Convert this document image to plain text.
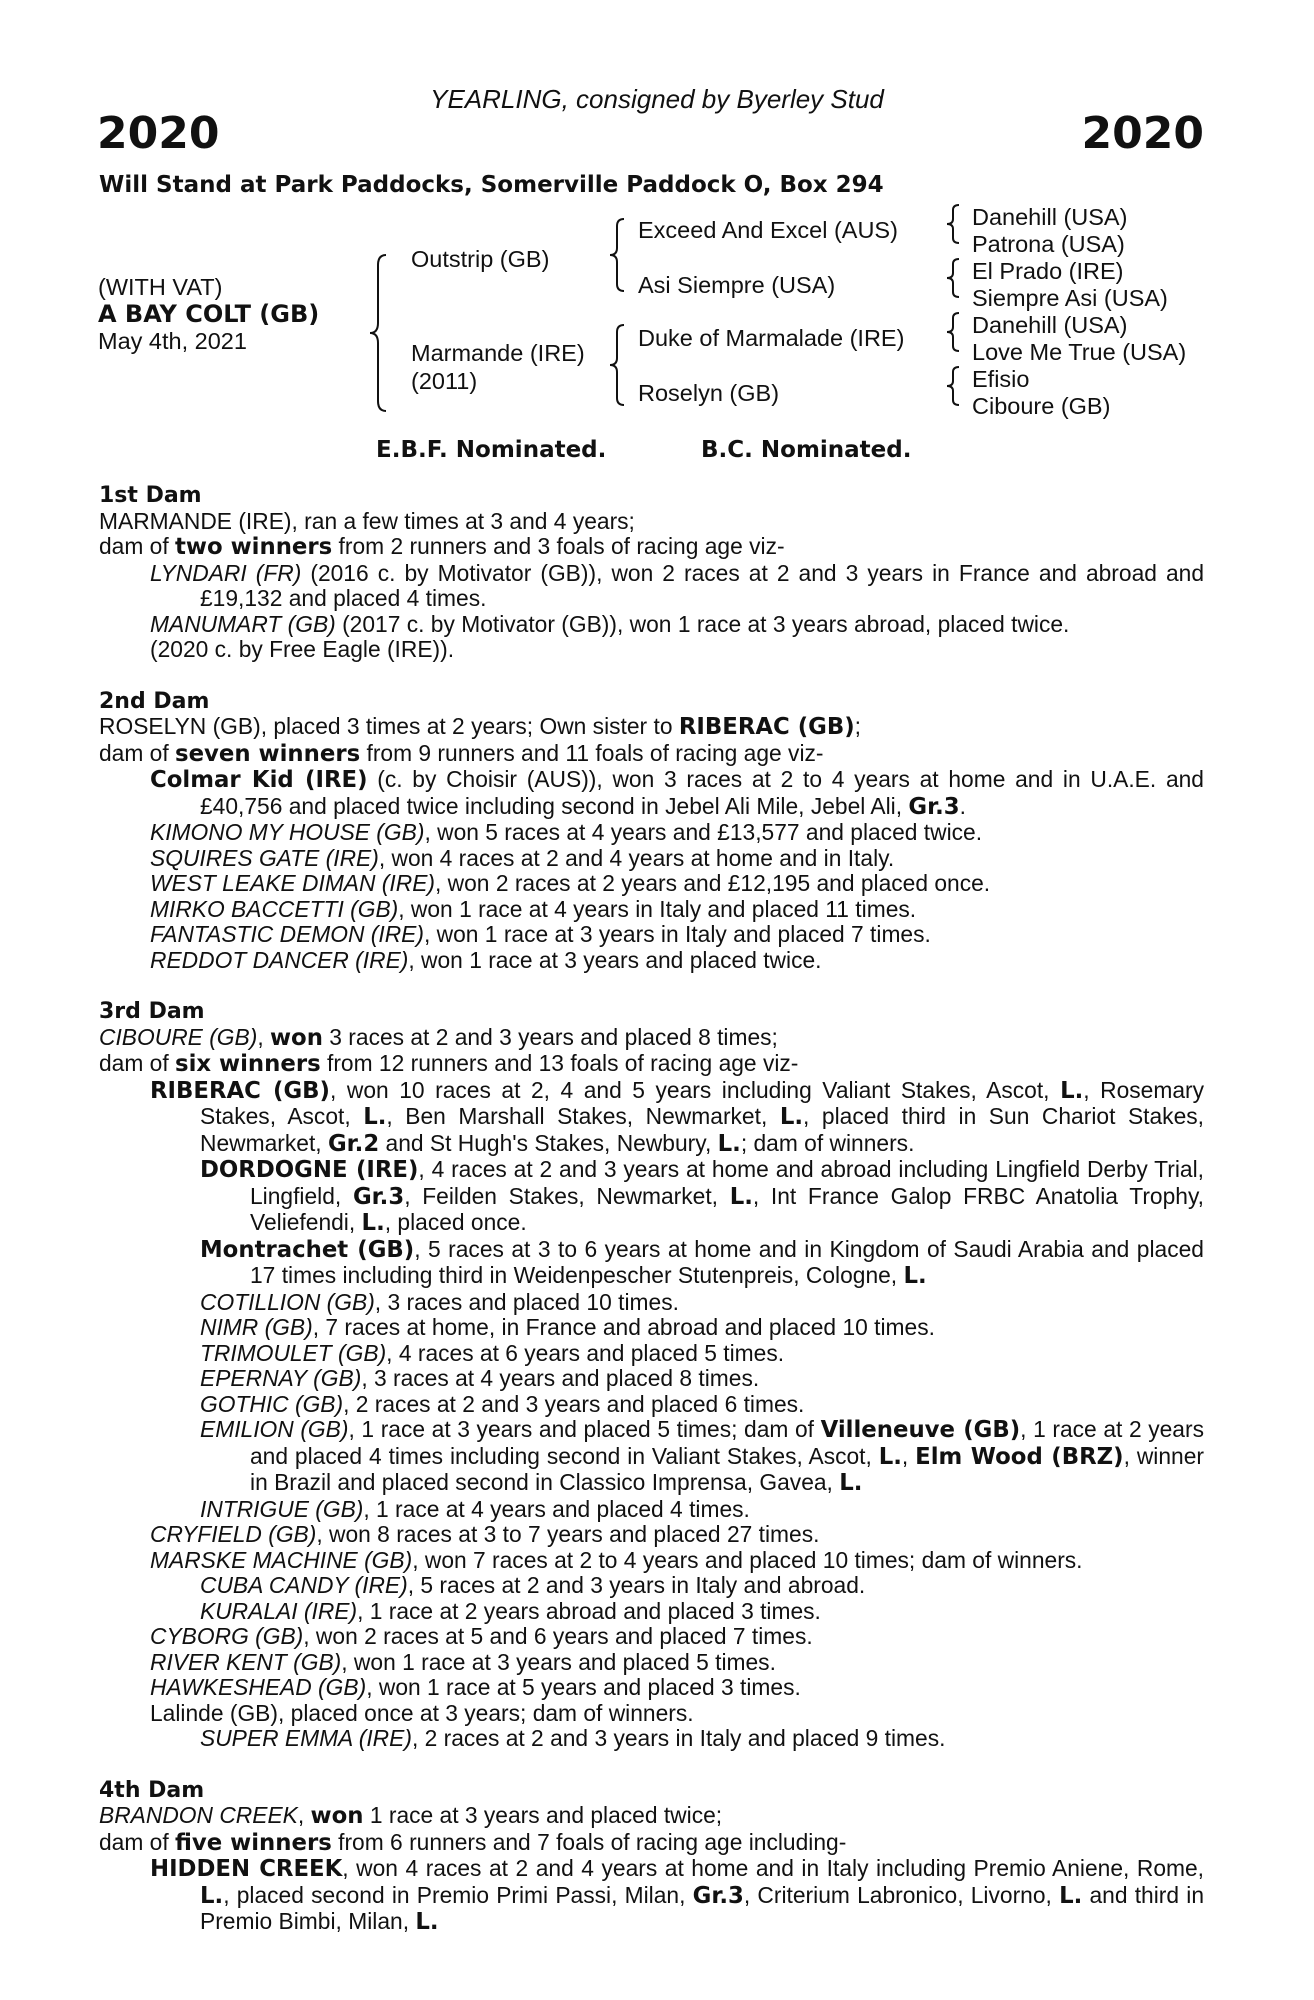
YEARLING, consigned by Byerley Stud
2020	2020
Will Stand at Park Paddocks, Somerville Paddock O, Box 294
(WITH VAT)
A BAY COLT (GB)
May 4th, 2021
Outstrip (GB)
Marmande (IRE)
(2011)
Exceed And Excel (AUS)
Asi Siempre (USA)
Duke of Marmalade (IRE)
Roselyn (GB)
Danehill (USA)
Patrona (USA)
El Prado (IRE)
Siempre Asi (USA)
Danehill (USA)
Love Me True (USA)
Efisio
Ciboure (GB)
E.B.F. Nominated.	B.C. Nominated.
1st Dam
MARMANDE (IRE), ran a few times at 3 and 4 years;
dam of two winners from 2 runners and 3 foals of racing age viz-
LYNDARI (FR) (2016 c. by Motivator (GB)), won 2 races at 2 and 3 years in France and abroad and £19,132 and placed 4 times.
MANUMART (GB) (2017 c. by Motivator (GB)), won 1 race at 3 years abroad, placed twice.
(2020 c. by Free Eagle (IRE)).
2nd Dam
ROSELYN (GB), placed 3 times at 2 years; Own sister to RIBERAC (GB);
dam of seven winners from 9 runners and 11 foals of racing age viz-
Colmar Kid (IRE) (c. by Choisir (AUS)), won 3 races at 2 to 4 years at home and in U.A.E. and £40,756 and placed twice including second in Jebel Ali Mile, Jebel Ali, Gr.3.
KIMONO MY HOUSE (GB), won 5 races at 4 years and £13,577 and placed twice.
SQUIRES GATE (IRE), won 4 races at 2 and 4 years at home and in Italy.
WEST LEAKE DIMAN (IRE), won 2 races at 2 years and £12,195 and placed once.
MIRKO BACCETTI (GB), won 1 race at 4 years in Italy and placed 11 times.
FANTASTIC DEMON (IRE), won 1 race at 3 years in Italy and placed 7 times.
REDDOT DANCER (IRE), won 1 race at 3 years and placed twice.
3rd Dam
CIBOURE (GB), won 3 races at 2 and 3 years and placed 8 times;
dam of six winners from 12 runners and 13 foals of racing age viz-
RIBERAC (GB), won 10 races at 2, 4 and 5 years including Valiant Stakes, Ascot, L., Rosemary Stakes, Ascot, L., Ben Marshall Stakes, Newmarket, L., placed third in Sun Chariot Stakes, Newmarket, Gr.2 and St Hugh's Stakes, Newbury, L.; dam of winners.
DORDOGNE (IRE), 4 races at 2 and 3 years at home and abroad including Lingfield Derby Trial, Lingfield, Gr.3, Feilden Stakes, Newmarket, L., Int France Galop FRBC Anatolia Trophy, Veliefendi, L., placed once.
Montrachet (GB), 5 races at 3 to 6 years at home and in Kingdom of Saudi Arabia and placed 17 times including third in Weidenpescher Stutenpreis, Cologne, L.
COTILLION (GB), 3 races and placed 10 times.
NIMR (GB), 7 races at home, in France and abroad and placed 10 times.
TRIMOULET (GB), 4 races at 6 years and placed 5 times.
EPERNAY (GB), 3 races at 4 years and placed 8 times.
GOTHIC (GB), 2 races at 2 and 3 years and placed 6 times.
EMILION (GB), 1 race at 3 years and placed 5 times; dam of Villeneuve (GB), 1 race at 2 years and placed 4 times including second in Valiant Stakes, Ascot, L., Elm Wood (BRZ), winner in Brazil and placed second in Classico Imprensa, Gavea, L.
INTRIGUE (GB), 1 race at 4 years and placed 4 times.
CRYFIELD (GB), won 8 races at 3 to 7 years and placed 27 times.
MARSKE MACHINE (GB), won 7 races at 2 to 4 years and placed 10 times; dam of winners.
CUBA CANDY (IRE), 5 races at 2 and 3 years in Italy and abroad.
KURALAI (IRE), 1 race at 2 years abroad and placed 3 times.
CYBORG (GB), won 2 races at 5 and 6 years and placed 7 times.
RIVER KENT (GB), won 1 race at 3 years and placed 5 times.
HAWKESHEAD (GB), won 1 race at 5 years and placed 3 times.
Lalinde (GB), placed once at 3 years; dam of winners.
SUPER EMMA (IRE), 2 races at 2 and 3 years in Italy and placed 9 times.
4th Dam
BRANDON CREEK, won 1 race at 3 years and placed twice;
dam of five winners from 6 runners and 7 foals of racing age including-
HIDDEN CREEK, won 4 races at 2 and 4 years at home and in Italy including Premio Aniene, Rome, L., placed second in Premio Primi Passi, Milan, Gr.3, Criterium Labronico, Livorno, L. and third in Premio Bimbi, Milan, L.
